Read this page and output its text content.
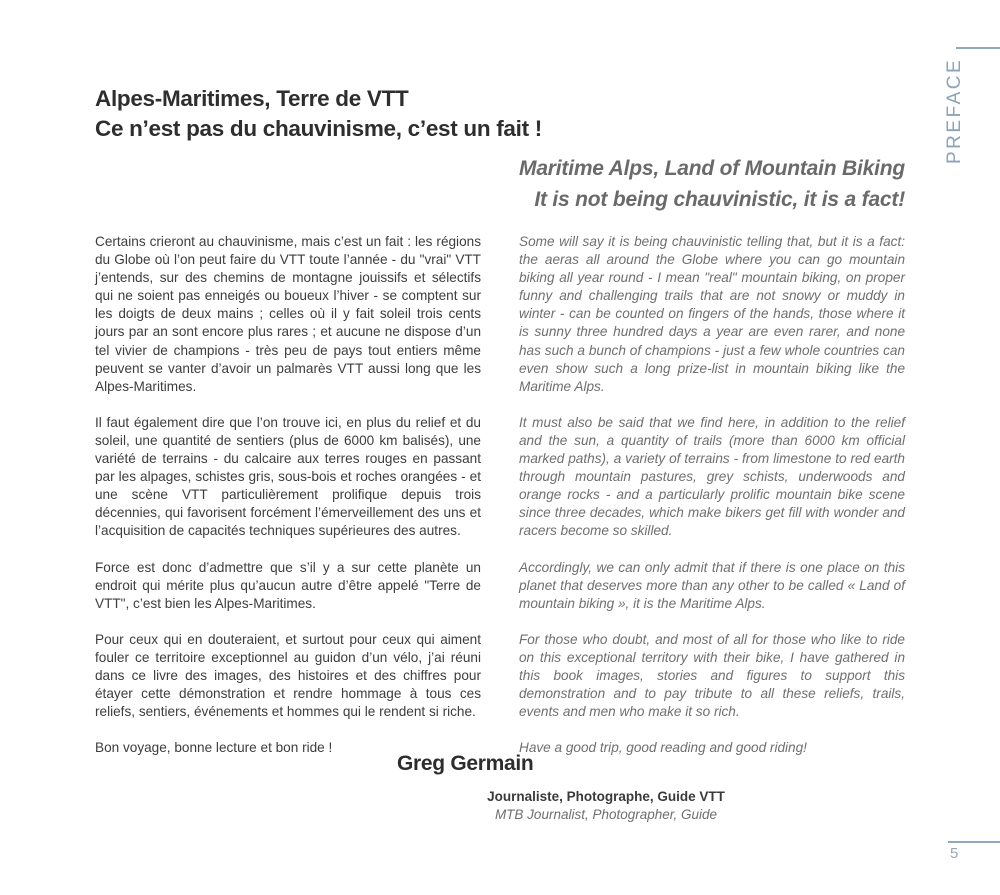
Alpes-Maritimes, Terre de VTT
Ce n’est pas du chauvinisme, c’est un fait !
Maritime Alps, Land of Mountain Biking
It is not being chauvinistic, it is a fact!

Certains crieront au chauvinisme, mais c’est un fait : les régions du Globe où l’on peut faire du VTT toute l’année - du "vrai" VTT j’entends, sur des chemins de montagne jouissifs et sélectifs qui ne soient pas enneigés ou boueux l’hiver - se comptent sur les doigts de deux mains ; celles où il y fait soleil trois cents jours par an sont encore plus rares ; et aucune ne dispose d’un tel vivier de champions - très peu de pays tout entiers même peuvent se vanter d’avoir un palmarès VTT aussi long que les Alpes-Maritimes.

Il faut également dire que l’on trouve ici, en plus du relief et du soleil, une quantité de sentiers (plus de 6000 km balisés), une variété de terrains - du calcaire aux terres rouges en passant par les alpages, schistes gris, sous-bois et roches orangées - et une scène VTT particulièrement prolifique depuis trois décennies, qui favorisent forcément l’émerveillement des uns et l’acquisition de capacités techniques supérieures des autres.

Force est donc d’admettre que s’il y a sur cette planète un endroit qui mérite plus qu’aucun autre d’être appelé "Terre de VTT", c’est bien les Alpes-Maritimes.

Pour ceux qui en douteraient, et surtout pour ceux qui aiment fouler ce territoire exceptionnel au guidon d’un vélo, j’ai réuni dans ce livre des images, des histoires et des chiffres pour étayer cette démonstration et rendre hommage à tous ces reliefs, sentiers, événements et hommes qui le rendent si riche.

Bon voyage, bonne lecture et bon ride !

Some will say it is being chauvinistic telling that, but it is a fact: the aeras all around the Globe where you can go mountain biking all year round - I mean "real" mountain biking, on proper funny and challenging trails that are not snowy or muddy in winter - can be counted on fingers of the hands, those where it is sunny three hundred days a year are even rarer, and none has such a bunch of champions - just a few whole countries can even show such a long prize-list in mountain biking like the Maritime Alps.

It must also be said that we find here, in addition to the relief and the sun, a quantity of trails (more than 6000 km official marked paths), a variety of terrains - from limestone to red earth through mountain pastures, grey schists, underwoods and orange rocks - and a particularly prolific mountain bike scene since three decades, which make bikers get fill with wonder and racers become so skilled.

Accordingly, we can only admit that if there is one place on this planet that deserves more than any other to be called « Land of mountain biking », it is the Maritime Alps.

For those who doubt, and most of all for those who like to ride on this exceptional territory with their bike, I have gathered in this book images, stories and figures to support this demonstration and to pay tribute to all these reliefs, trails, events and men who make it so rich.

Have a good trip, good reading and good riding!

Greg Germain
Journaliste, Photographe, Guide VTT
MTB Journalist, Photographer, Guide
PREFACE
5
